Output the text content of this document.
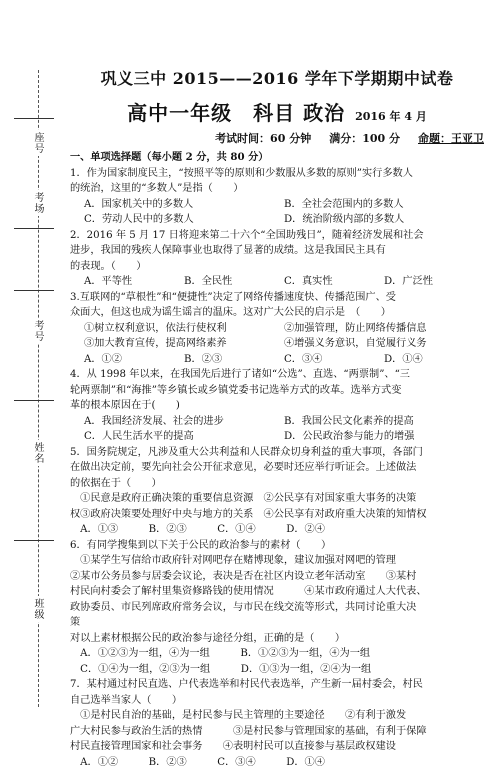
座号
考场
考号
姓名
班级
巩义三中 2015——2016 学年下学期期中试卷
高中一年级　科目 政治 2016 年 4 月
考试时间：60 分钟 满分：100 分 命题：王亚卫
一、单项选择题（每小题 2 分，共 80 分）
1．作为国家制度民主，“按照平等的原则和少数服从多数的原则”实行多数人
的统治，这里的“多数人”是指（　　）
A．国家机关中的多数人	B．全社会范围内的多数人
C．劳动人民中的多数人	D．统治阶级内部的多数人
2．2016 年 5 月 17 日将迎来第二十六个“全国助残日”，随着经济发展和社会
进步，我国的残疾人保障事业也取得了显著的成绩。这是我国民主具有
的表现。（　　）
A．平等性	B．全民性	C．真实性	D．广泛性
3.互联网的“草根性”和“便捷性”决定了网络传播速度快、传播范围广、受
众面大，但这也成为谣生谣言的温床。这对广大公民的启示是　（　　）
①树立权利意识，依法行使权利	②加强管理，防止网络传播信息
③加大教育宣传，提高网络素养	④增强义务意识，自觉履行义务
A．①②	B．②③	C．③④	D．①④
4．从 1998 年以来，在我国先后进行了诸如“公选”、直选、“两票制”、“三
轮两票制”和“海推”等乡镇长或乡镇党委书记选举方式的改革。选举方式变
革的根本原因在于(　　)
A．我国经济发展、社会的进步	B．我国公民文化素养的提高
C．人民生活水平的提高	D．公民政治参与能力的增强
5．国务院规定，凡涉及重大公共利益和人民群众切身利益的重大事项，各部门
在做出决定前，要先向社会公开征求意见，必要时还应举行听证会。上述做法
的依据在于（　　）
　①民意是政府正确决策的重要信息资源　②公民享有对国家重大事务的决策
权③政府决策要处理好中央与地方的关系　④公民享有对政府重大决策的知情权
　A．①③　　　B．②③　　　C．①④　　　D．②④
6．有同学搜集到以下关于公民的政治参与的素材（　　）
　①某学生写信给市政府针对网吧存在赌博现象，建议加强对网吧的管理
②某市公务员参与居委会议论，表决是否在社区内设立老年活动室　　③某村
村民向村委会了解村里集资修路钱的使用情况　　　④某市政府通过人大代表、
政协委员、市民列席政府常务会议，与市民在线交流等形式，共同讨论重大决
策
对以上素材根据公民的政治参与途径分组，正确的是（　　）
　A．①②③为一组，④为一组　　　B．①②③为一组，④为一组
　C．①④为一组，②③为一组　　　D．①③为一组，②④为一组
7．某村通过村民直选、户代表选举和村民代表选举，产生新一届村委会，村民
自己选举当家人（　　）
　①是村民自治的基础，是村民参与民主管理的主要途径　　②有利于激发
广大村民参与政治生活的热情　　　③是村民参与管理国家的基础，有利于保障
村民直接管理国家和社会事务　　④表明村民可以直接参与基层政权建设
　A．①②　　　B．②③　　　C．③④　　　D．①④
